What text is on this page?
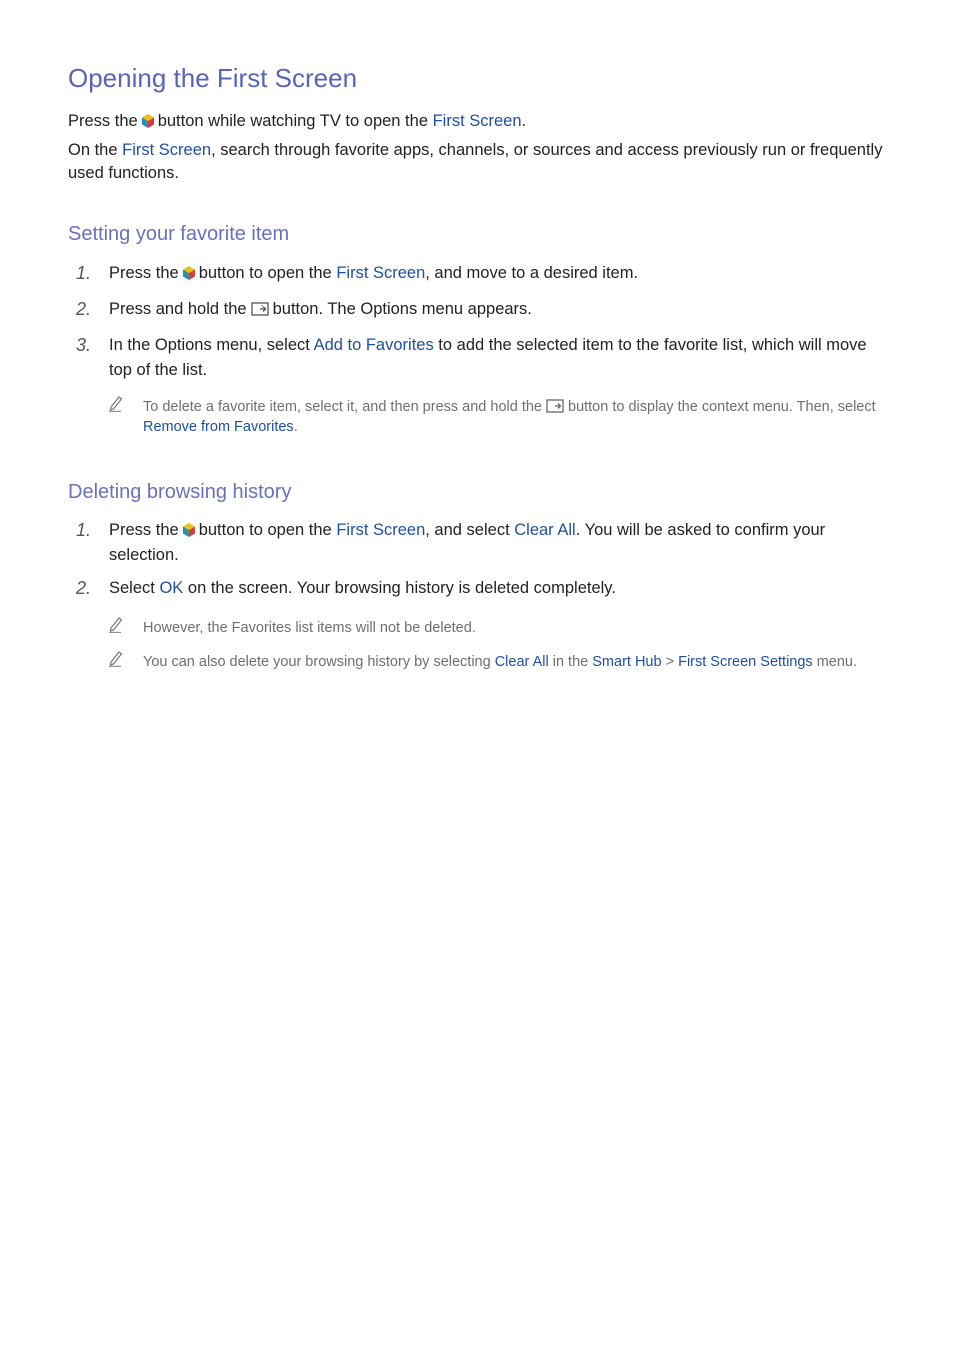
Opening the First Screen

Press the button while watching TV to open the First Screen.

On the First Screen, search through favorite apps, channels, or sources and access previously run or frequently used functions.

Setting your favorite item
1. Press the button to open the First Screen, and move to a desired item.
2. Press and hold the button. The Options menu appears.
3. In the Options menu, select Add to Favorites to add the selected item to the favorite list, which will move top of the list.
To delete a favorite item, select it, and then press and hold the button to display the context menu. Then, select Remove from Favorites.
Deleting browsing history
1. Press the button to open the First Screen, and select Clear All. You will be asked to confirm your selection.
2. Select OK on the screen. Your browsing history is deleted completely.
However, the Favorites list items will not be deleted.
You can also delete your browsing history by selecting Clear All in the Smart Hub > First Screen Settings menu.
